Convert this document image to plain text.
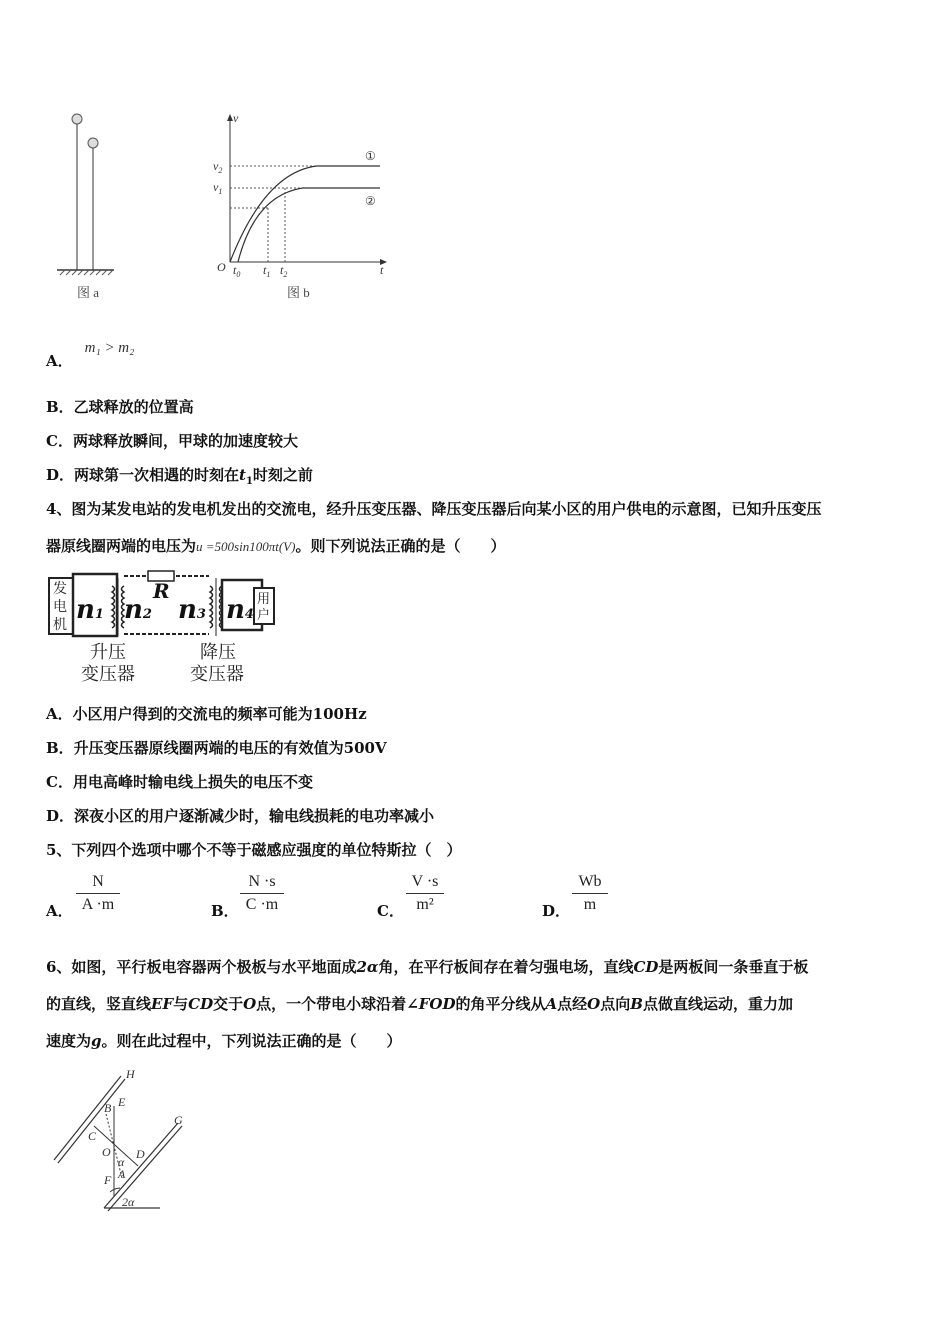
图 a
v
t
O
$v_2$
$v_1$
①
②
$t_0$ $t_1$ $t_2$
图 b
A．m₁ > m₂
B．乙球释放的位置高
C．两球释放瞬间，甲球的加速度较大
D．两球第一次相遇的时刻在$t_1$时刻之前
4、图为某发电站的发电机发出的交流电，经升压变压器、降压变压器后向某小区的用户供电的示意图，已知升压变压
器原线圈两端的电压为u =500sin100πt(V)。则下列说法正确的是（　　）
发电机 n1
R
n2 n3 n4
用户
升压
变压器
降压
变压器
A．小区用户得到的交流电的频率可能为100Hz
B．升压变压器原线圈两端的电压的有效值为500V
C．用电高峰时输电线上损失的电压不变
D．深夜小区的用户逐渐减少时，输电线损耗的电功率减小
5、下列四个选项中哪个不等于磁感应强度的单位特斯拉（　）
A．
N
A ·m	B．
N ·s
C ·m	C．
V ·s
m²	D．
Wb
m
6、如图，平行板电容器两个极板与水平地面成2α角，在平行板间存在着匀强电场，直线CD是两板间一条垂直于板
的直线，竖直线EF与CD交于O点，一个带电小球沿着∠FOD的角平分线从A点经O点向B点做直线运动，重力加
速度为g。则在此过程中，下列说法正确的是（　　）
H
E
B
C
O D
α
A
F
G
2α
